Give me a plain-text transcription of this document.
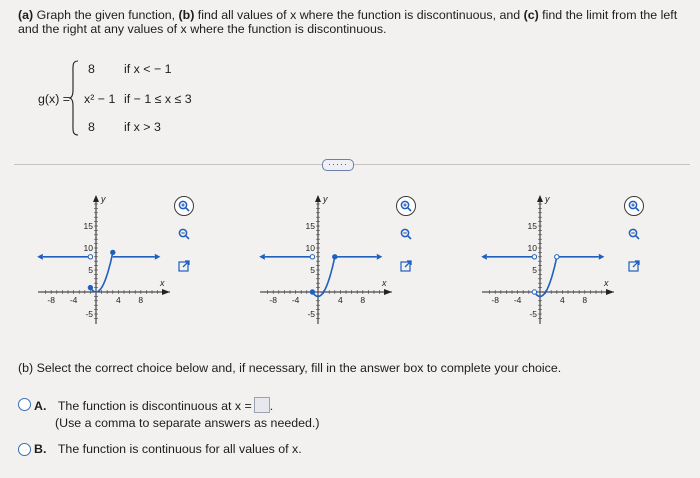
(a) Graph the given function, (b) find all values of x where the function is discontinuous, and (c) find the limit from the left and the right at any values of x where the function is discontinuous.
g(x) =
8 if x < − 1
x² − 1 if − 1 ≤ x ≤ 3
8 if x > 3
·····
y
x
15
10
5
-5
-8 -4	4 8
y
x
15
10
5
-5
-8 -4	4 8
y
x
15
10
5
-5
-8 -4	4 8
(b) Select the correct choice below and, if necessary, fill in the answer box to complete your choice.
A. The function is discontinuous at x = .
(Use a comma to separate answers as needed.)
B. The function is continuous for all values of x.
